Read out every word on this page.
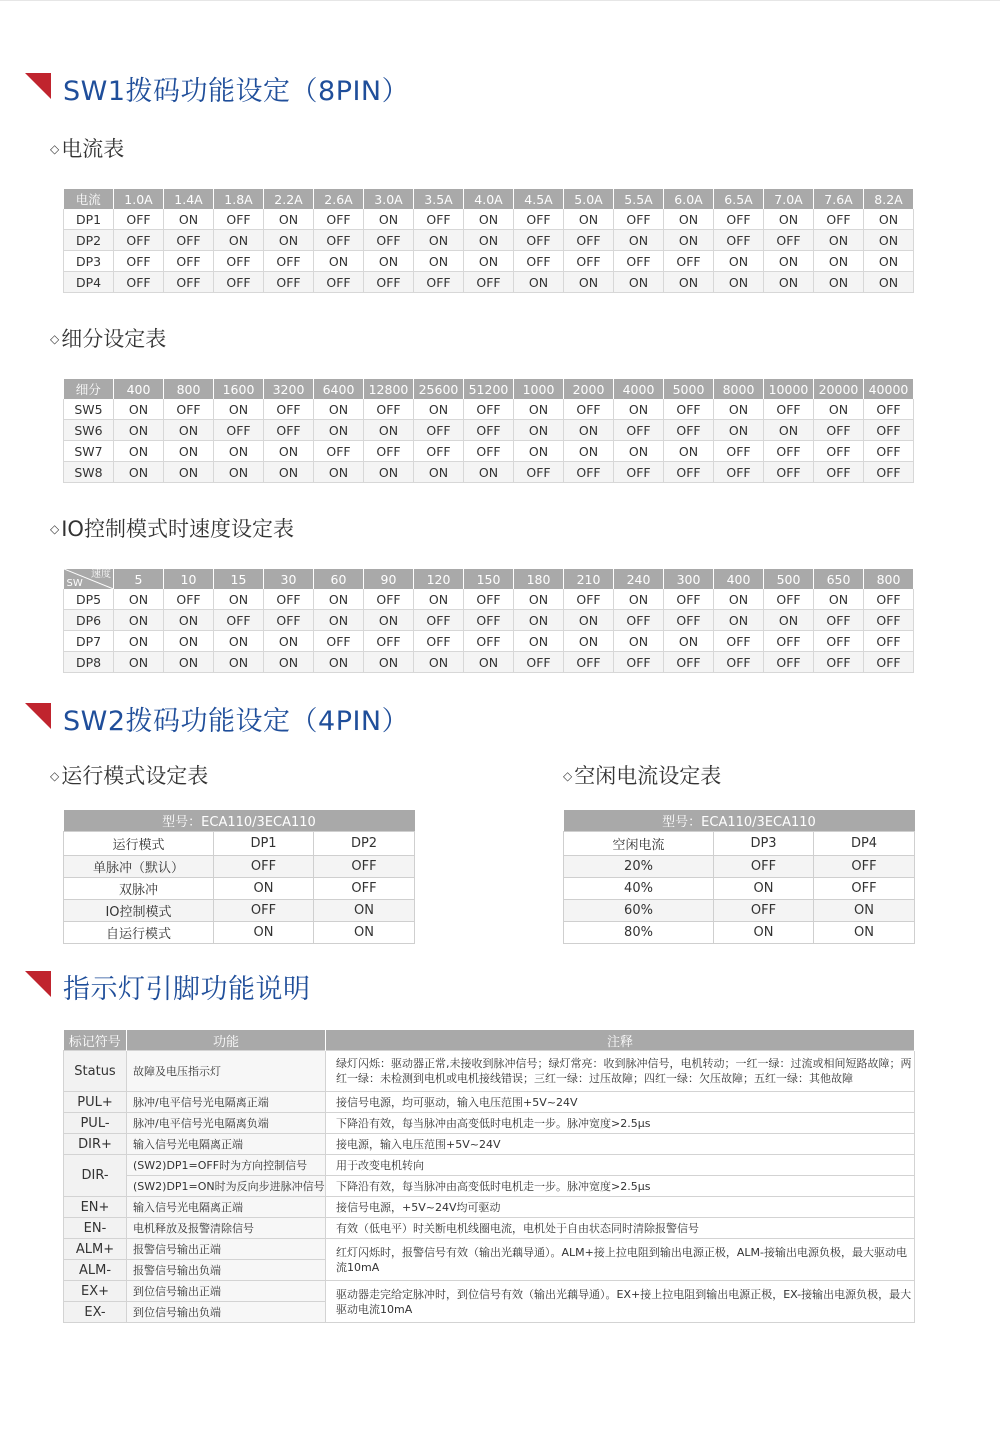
SW1拨码功能设定（8PIN）
◇电流表
电流	1.0A	1.4A	1.8A	2.2A	2.6A	3.0A	3.5A	4.0A	4.5A	5.0A	5.5A	6.0A	6.5A	7.0A	7.6A	8.2A
DP1	OFF	ON	OFF	ON	OFF	ON	OFF	ON	OFF	ON	OFF	ON	OFF	ON	OFF	ON
DP2	OFF	OFF	ON	ON	OFF	OFF	ON	ON	OFF	OFF	ON	ON	OFF	OFF	ON	ON
DP3	OFF	OFF	OFF	OFF	ON	ON	ON	ON	OFF	OFF	OFF	OFF	ON	ON	ON	ON
DP4	OFF	OFF	OFF	OFF	OFF	OFF	OFF	OFF	ON	ON	ON	ON	ON	ON	ON	ON
◇细分设定表
细分	400	800	1600	3200	6400	12800	25600	51200	1000	2000	4000	5000	8000	10000	20000	40000
SW5	ON	OFF	ON	OFF	ON	OFF	ON	OFF	ON	OFF	ON	OFF	ON	OFF	ON	OFF
SW6	ON	ON	OFF	OFF	ON	ON	OFF	OFF	ON	ON	OFF	OFF	ON	ON	OFF	OFF
SW7	ON	ON	ON	ON	OFF	OFF	OFF	OFF	ON	ON	ON	ON	OFF	OFF	OFF	OFF
SW8	ON	ON	ON	ON	ON	ON	ON	ON	OFF	OFF	OFF	OFF	OFF	OFF	OFF	OFF
◇IO控制模式时速度设定表
速度
SW	5	10	15	30	60	90	120	150	180	210	240	300	400	500	650	800
DP5	ON	OFF	ON	OFF	ON	OFF	ON	OFF	ON	OFF	ON	OFF	ON	OFF	ON	OFF
DP6	ON	ON	OFF	OFF	ON	ON	OFF	OFF	ON	ON	OFF	OFF	ON	ON	OFF	OFF
DP7	ON	ON	ON	ON	OFF	OFF	OFF	OFF	ON	ON	ON	ON	OFF	OFF	OFF	OFF
DP8	ON	ON	ON	ON	ON	ON	ON	ON	OFF	OFF	OFF	OFF	OFF	OFF	OFF	OFF
SW2拨码功能设定（4PIN）
◇运行模式设定表	◇空闲电流设定表
型号：ECA110/3ECA110		
运行模式	DP1	DP2
单脉冲（默认）	OFF	OFF
双脉冲	ON	OFF
IO控制模式	OFF	ON
自运行模式	ON	ON
型号：ECA110/3ECA110		
空闲电流	DP3	DP4
20%	OFF	OFF
40%	ON	OFF
60%	OFF	ON
80%	ON	ON
指示灯引脚功能说明
标记符号	功能	注释
Status	故障及电压指示灯	绿灯闪烁：驱动器正常,未接收到脉冲信号；绿灯常亮：收到脉冲信号，电机转动；一红一绿：过流或相间短路故障；两红一绿：未检测到电机或电机接线错误；三红一绿：过压故障；四红一绿：欠压故障；五红一绿：其他故障
PUL+	脉冲/电平信号光电隔离正端	接信号电源，均可驱动，输入电压范围+5V~24V
PUL-	脉冲/电平信号光电隔离负端	下降沿有效，每当脉冲由高变低时电机走一步。脉冲宽度>2.5μs
DIR+	输入信号光电隔离正端	接电源，输入电压范围+5V~24V
DIR-	(SW2)DP1=OFF时为方向控制信号	用于改变电机转向
	(SW2)DP1=ON时为反向步进脉冲信号	下降沿有效，每当脉冲由高变低时电机走一步。脉冲宽度>2.5μs
EN+	输入信号光电隔离正端	接信号电源，+5V~24V均可驱动
EN-	电机释放及报警清除信号	有效（低电平）时关断电机线圈电流，电机处于自由状态同时清除报警信号
ALM+	报警信号输出正端	红灯闪烁时，报警信号有效（输出光藕导通）。ALM+接上拉电阻到输出电源正极，ALM-接输出电源负极，最大驱动电流10mA
ALM-	报警信号输出负端	
EX+	到位信号输出正端	驱动器走完给定脉冲时，到位信号有效（输出光藕导通）。EX+接上拉电阻到输出电源正极，EX-接输出电源负极，最大驱动电流10mA
EX-	到位信号输出负端	
